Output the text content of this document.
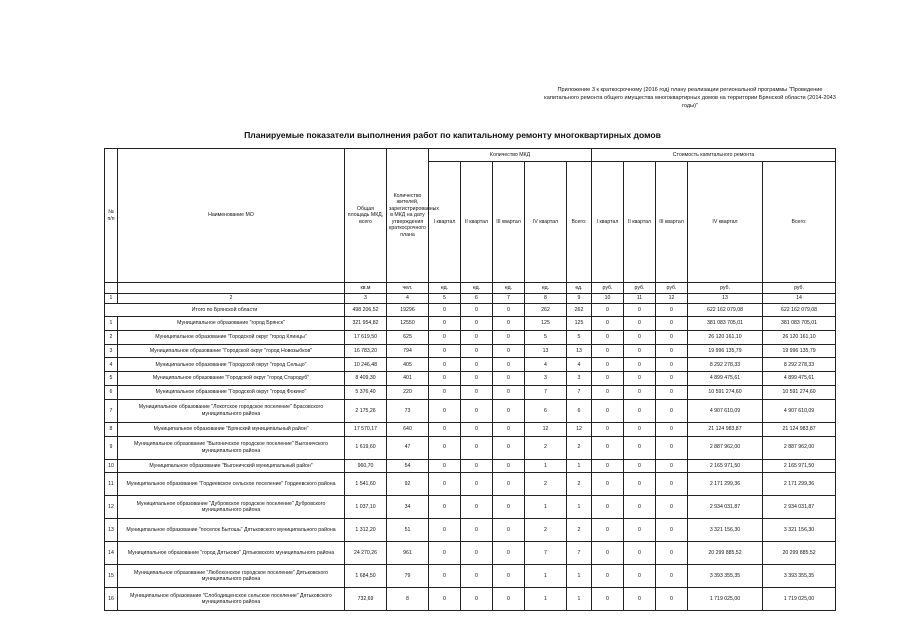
Приложение 3 к краткосрочному (2016 год) плану реализации региональной программы "Проведение капитального ремонта общего имущества многоквартирных домов на территории Брянской области (2014-2043 годы)"
Планируемые показатели выполнения работ по капитальному ремонту многоквартирных домов
№ п/п	Наименование МО	Общая площадь МКД, всего	Количество жителей, зарегистрированных в МКД на дату утверждения краткосрочного плана	Количество МКД					Стоимость капитального ремонта				
				I квартал	II квартал	III квартал	IV квартал	Всего:	I квартал	II квартал	III квартал	IV квартал	Всего:
		кв.м	чел.	ед.	ед.	ед.	ед.	ед.	руб.	руб.	руб.	руб.	руб.
1	2	3	4	5	6	7	8	9	10	11	12	13	14
Итого по Брянской области		498 206,52	19296	0	0	0	262	262	0	0	0	622 162 079,08	622 162 079,08
1	Муниципальное образование "город Брянск"	321 954,82	12550	0	0	0	125	125	0	0	0	381 083 705,01	381 083 705,01
2	Муниципальное образование "Городской округ "город Клинцы"	17 619,50	625	0	0	0	5	5	0	0	0	26 120 161,10	26 120 161,10
3	Муниципальное образование "Городской округ "город Новозыбков"	16 783,20	794	0	0	0	13	13	0	0	0	19 996 135,79	19 996 135,79
4	Муниципальное образование "Городской округ "город Сельцо"	10 246,48	405	0	0	0	4	4	0	0	0	8 292 278,33	8 292 278,33
5	Муниципальное образование "Городской округ "город Стародуб"	8 409,30	401	0	0	0	3	3	0	0	0	4 899 475,61	4 899 475,61
6	Муниципальное образование "Городской округ "город Фокино"	5 376,40	220	0	0	0	7	7	0	0	0	10 591 274,60	10 591 274,60
7	Муниципальное образование "Локотское городское поселение" Брасовского муниципального района	2 175,26	73	0	0	0	6	6	0	0	0	4 907 610,09	4 907 610,09
8	Муниципальное образование "Брянский муниципальный район"	17 570,17	640	0	0	0	12	12	0	0	0	21 124 983,87	21 124 983,87
9	Муниципальное образование "Выгоничское городское поселение" Выгоничского муниципального района	1 619,60	47	0	0	0	2	2	0	0	0	2 887 962,00	2 887 962,00
10	Муниципальное образование "Выгоничский муниципальный район"	960,70	54	0	0	0	1	1	0	0	0	2 165 971,50	2 165 971,50
11	Муниципальное образование "Гордеевское сельское поселение" Гордеевского района	1 541,60	92	0	0	0	2	2	0	0	0	2 171 299,36	2 171 299,36
12	Муниципальное образование "Дубровское городское поселение" Дубровского муниципального района	1 037,10	34	0	0	0	1	1	0	0	0	2 934 031,87	2 934 031,87
13	Муниципальное образование "поселок Бытошь" Дятьковского муниципального района	1 312,20	51	0	0	0	2	2	0	0	0	3 321 156,30	3 321 156,30
14	Муниципальное образование "город Дятьково" Дятьковского муниципального района	24 270,26	961	0	0	0	7	7	0	0	0	20 299 885,52	20 299 885,52
15	Муниципальное образование "Любохонское городское поселение" Дятьковского муниципального района	1 684,50	79	0	0	0	1	1	0	0	0	3 393 355,35	3 393 355,35
16	Муниципальное образование "Слободищенское сельское поселение" Дятьковского муниципального района	732,69	8	0	0	0	1	1	0	0	0	1 719 025,00	1 719 025,00
